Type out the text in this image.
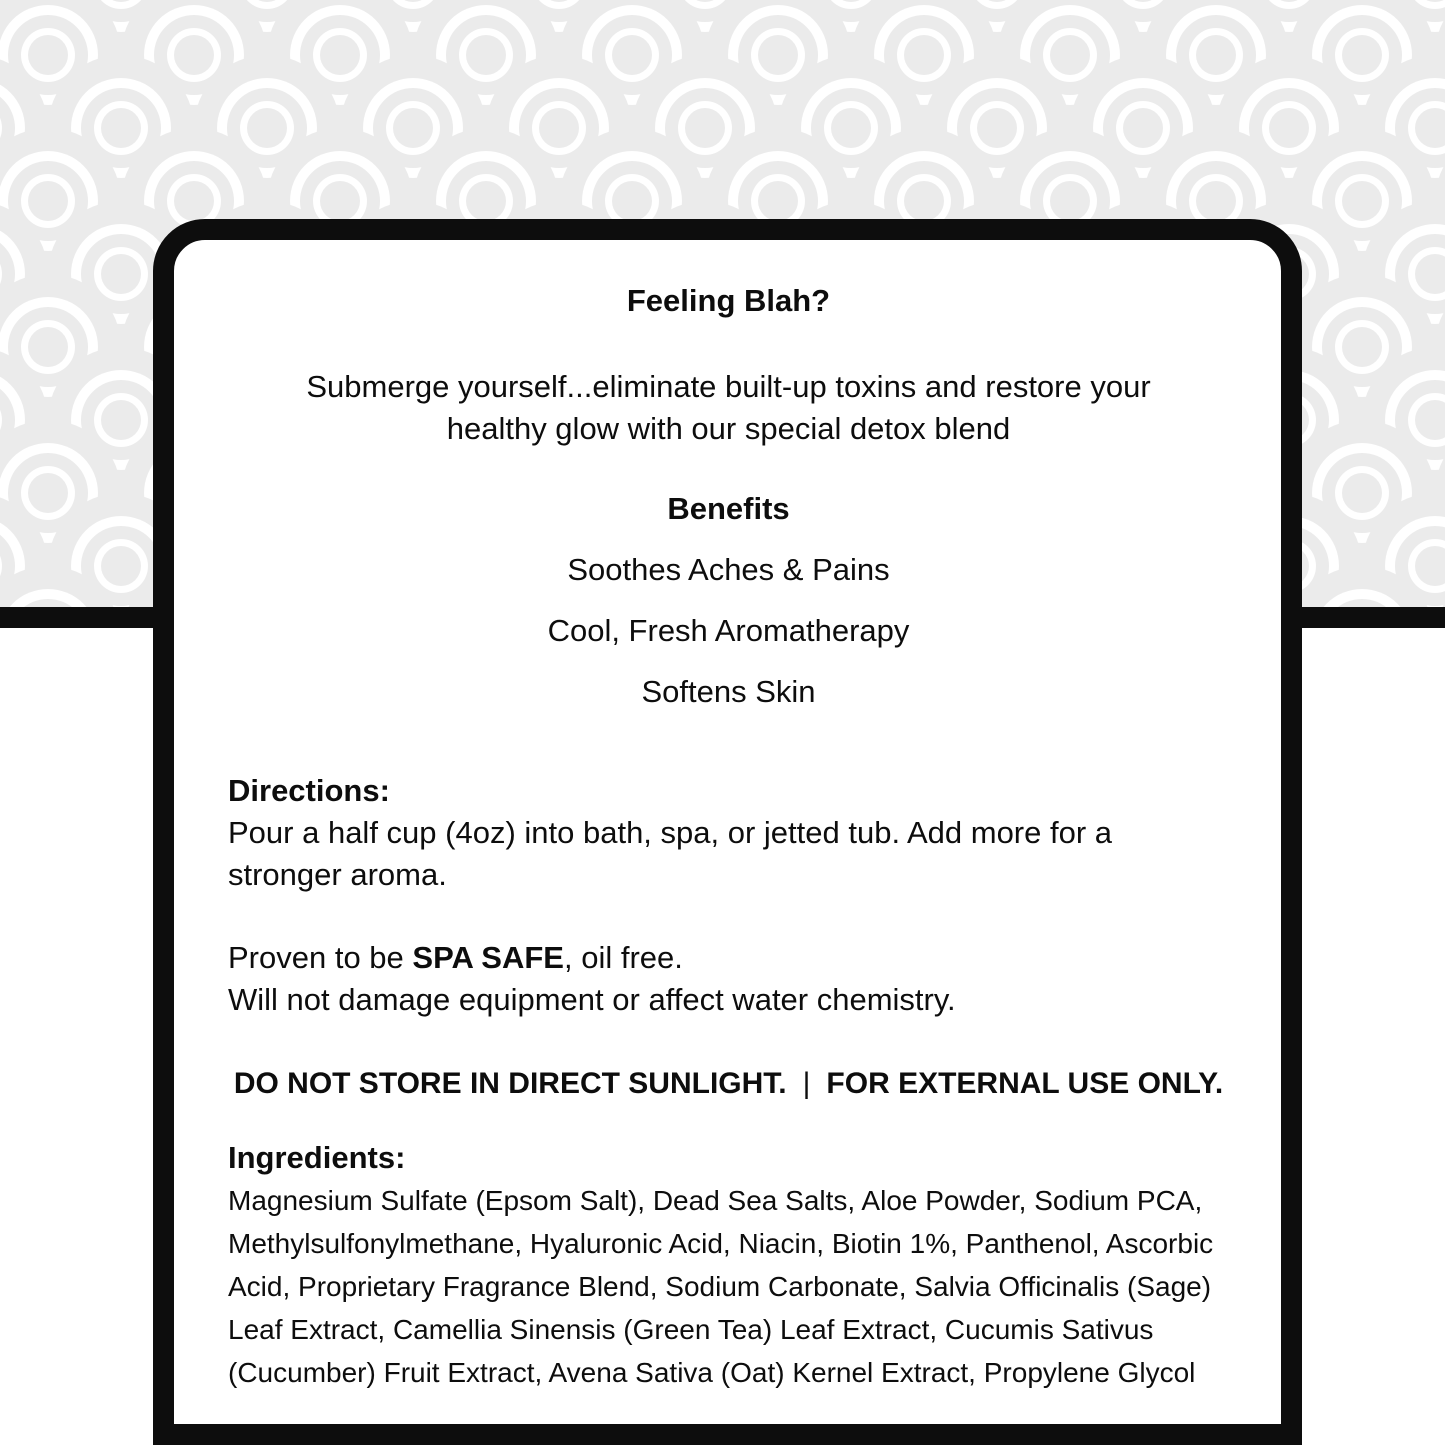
Feeling Blah?
Submerge yourself...eliminate built-up toxins and restore your
healthy glow with our special detox blend
Benefits
Soothes Aches & Pains
Cool, Fresh Aromatherapy
Softens Skin
Directions:
Pour a half cup (4oz) into bath, spa, or jetted tub. Add more for a
stronger aroma.
Proven to be SPA SAFE, oil free.
Will not damage equipment or affect water chemistry.
DO NOT STORE IN DIRECT SUNLIGHT. | FOR EXTERNAL USE ONLY.
Ingredients:
Magnesium Sulfate (Epsom Salt), Dead Sea Salts, Aloe Powder, Sodium PCA,
Methylsulfonylmethane, Hyaluronic Acid, Niacin, Biotin 1%, Panthenol, Ascorbic
Acid, Proprietary Fragrance Blend, Sodium Carbonate, Salvia Officinalis (Sage)
Leaf Extract, Camellia Sinensis (Green Tea) Leaf Extract, Cucumis Sativus
(Cucumber) Fruit Extract, Avena Sativa (Oat) Kernel Extract, Propylene Glycol
